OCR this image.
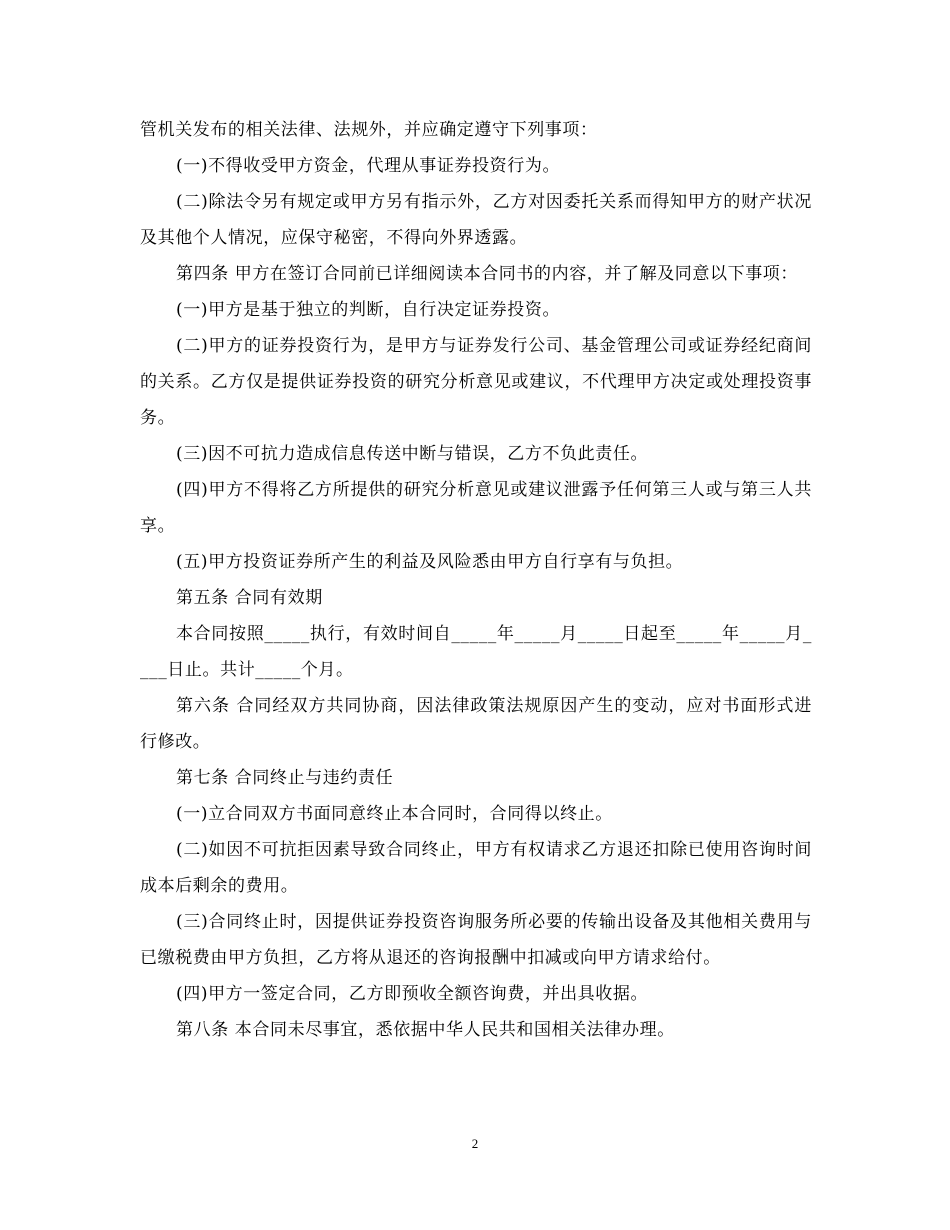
管机关发布的相关法律、法规外，并应确定遵守下列事项：

(一)不得收受甲方资金，代理从事证券投资行为。

(二)除法令另有规定或甲方另有指示外，乙方对因委托关系而得知甲方的财产状况及其他个人情况，应保守秘密，不得向外界透露。

第四条 甲方在签订合同前已详细阅读本合同书的内容，并了解及同意以下事项：

(一)甲方是基于独立的判断，自行决定证券投资。

(二)甲方的证券投资行为，是甲方与证券发行公司、基金管理公司或证券经纪商间的关系。乙方仅是提供证券投资的研究分析意见或建议，不代理甲方决定或处理投资事务。

(三)因不可抗力造成信息传送中断与错误，乙方不负此责任。

(四)甲方不得将乙方所提供的研究分析意见或建议泄露予任何第三人或与第三人共享。

(五)甲方投资证券所产生的利益及风险悉由甲方自行享有与负担。

第五条 合同有效期

本合同按照_____执行，有效时间自_____年_____月_____日起至_____年_____月____日止。共计_____个月。

第六条 合同经双方共同协商，因法律政策法规原因产生的变动，应对书面形式进行修改。

第七条 合同终止与违约责任

(一)立合同双方书面同意终止本合同时，合同得以终止。

(二)如因不可抗拒因素导致合同终止，甲方有权请求乙方退还扣除已使用咨询时间成本后剩余的费用。

(三)合同终止时，因提供证券投资咨询服务所必要的传输出设备及其他相关费用与已缴税费由甲方负担，乙方将从退还的咨询报酬中扣减或向甲方请求给付。

(四)甲方一签定合同，乙方即预收全额咨询费，并出具收据。

第八条 本合同未尽事宜，悉依据中华人民共和国相关法律办理。

2
